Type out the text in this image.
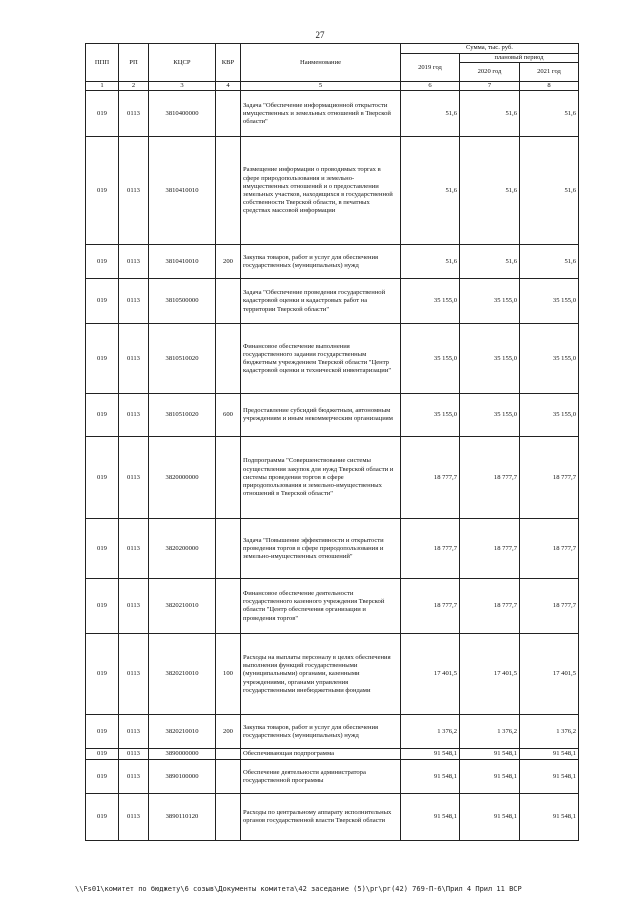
27
ППП	РП	КЦСР	КВР	Наименование	Сумма, тыс. руб.		
					2019 год	плановый период	
						2020 год	2021 год
1	2	3	4	5	6	7	8
019	0113	3810400000		Задача "Обеспечение информационной открытости имущественных и земельных отношений в Тверской области"	51,6	51,6	51,6
019	0113	3810410010		Размещение информации о проводимых торгах в сфере природопользования и земельно-имущественных отношений и о предоставлении земельных участков, находящихся в государственной собственности Тверской области, в печатных средствах массовой информации	51,6	51,6	51,6
019	0113	3810410010	200	Закупка товаров, работ и услуг для обеспечения государственных (муниципальных) нужд	51,6	51,6	51,6
019	0113	3810500000		Задача "Обеспечение проведения государственной кадастровой оценки и кадастровых работ на территории Тверской области"	35 155,0	35 155,0	35 155,0
019	0113	3810510020		Финансовое обеспечение выполнения государственного задания государственным бюджетным учреждением Тверской области "Центр кадастровой оценки и технической инвентаризации"	35 155,0	35 155,0	35 155,0
019	0113	3810510020	600	Предоставление субсидий бюджетным, автономным учреждениям и иным некоммерческим организациям	35 155,0	35 155,0	35 155,0
019	0113	3820000000		Подпрограмма "Совершенствование системы осуществления закупок для нужд Тверской области и системы проведения торгов в сфере природопользования и земельно-имущественных отношений в Тверской области"	18 777,7	18 777,7	18 777,7
019	0113	3820200000		Задача "Повышение эффективности и открытости проведения торгов в сфере природопользования и земельно-имущественных отношений"	18 777,7	18 777,7	18 777,7
019	0113	3820210010		Финансовое обеспечение деятельности государственного казенного учреждения Тверской области "Центр обеспечения организации и проведения торгов"	18 777,7	18 777,7	18 777,7
019	0113	3820210010	100	Расходы на выплаты персоналу в целях обеспечения выполнения функций государственными (муниципальными) органами, казенными учреждениями, органами управления государственными внебюджетными фондами	17 401,5	17 401,5	17 401,5
019	0113	3820210010	200	Закупка товаров, работ и услуг для обеспечения государственных (муниципальных) нужд	1 376,2	1 376,2	1 376,2
019	0113	3890000000		Обеспечивающая подпрограмма	91 548,1	91 548,1	91 548,1
019	0113	3890100000		Обеспечение деятельности администратора государственной программы	91 548,1	91 548,1	91 548,1
019	0113	3890110120		Расходы по центральному аппарату исполнительных органов государственной власти Тверской области	91 548,1	91 548,1	91 548,1
\\Fs01\комитет по бюджету\6 созыв\Документы комитета\42 заседание (5)\рг\рг(42) 769-П-6\Прил 4 Прил 11 ВСР
